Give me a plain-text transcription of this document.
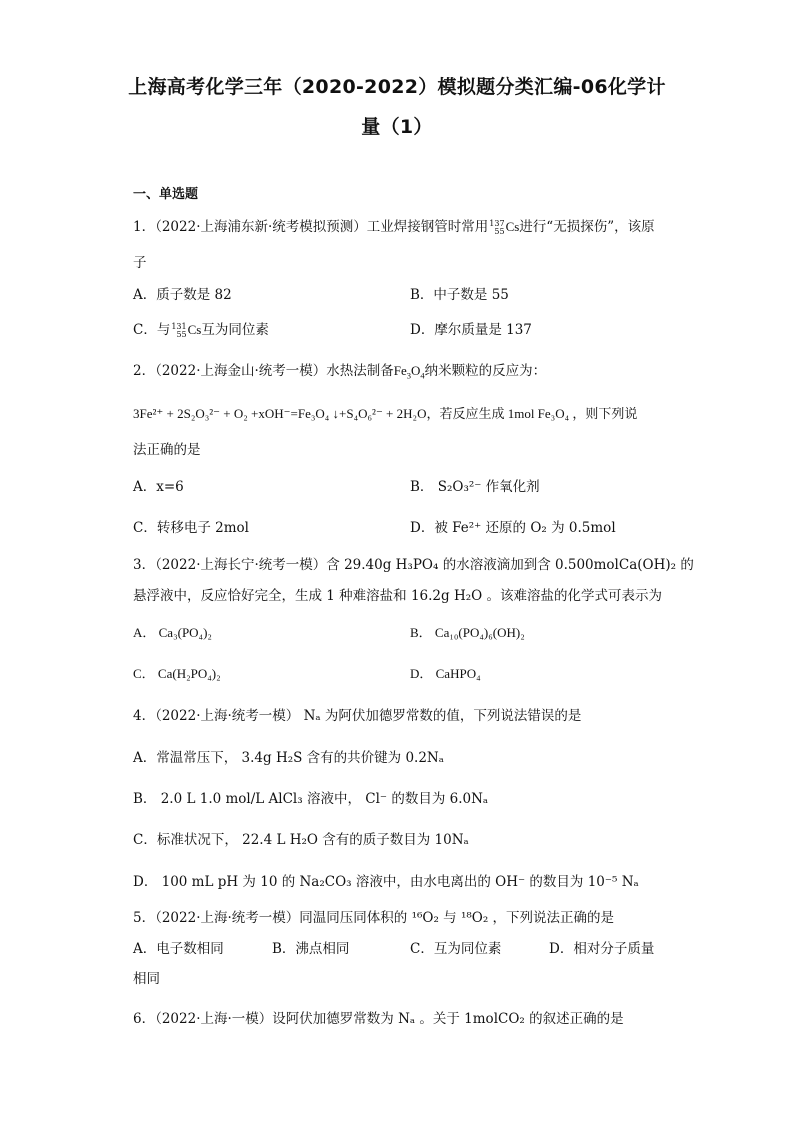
上海高考化学三年（2020-2022）模拟题分类汇编-06化学计
量（1）
一、单选题
1．（2022·上海浦东新·统考模拟预测）工业焊接钢管时常用 137
55 Cs进行“无损探伤”，该原
子
A．质子数是 82	B．中子数是 55
C．与 131
55 Cs互为同位素	D．摩尔质量是 137
2．（2022·上海金山·统考一模）水热法制备$Fe_3O_4$纳米颗粒的反应为：
3Fe²⁺ + 2S₂O₃²⁻ + O₂ +xOH⁻=Fe₃O₄ ↓+S₄O₆²⁻ + 2H₂O，若反应生成 1mol Fe₃O₄ ，则下列说
法正确的是
A．x=6	B． S₂O₃²⁻ 作氧化剂
C．转移电子 2mol	D．被 Fe²⁺ 还原的 O₂ 为 0.5mol
3．（2022·上海长宁·统考一模）含 29.40g H₃PO₄ 的水溶液滴加到含 0.500molCa(OH)₂ 的
悬浮液中，反应恰好完全，生成 1 种难溶盐和 16.2g H₂O 。该难溶盐的化学式可表示为
A． Ca₃(PO₄)₂	B． Ca₁₀(PO₄)₆(OH)₂
C． Ca(H₂PO₄)₂	D． CaHPO₄
4．（2022·上海·统考一模） Nₐ 为阿伏加德罗常数的值，下列说法错误的是
A．常温常压下， 3.4g H₂S 含有的共价键为 0.2Nₐ
B． 2.0 L 1.0 mol/L AlCl₃ 溶液中， Cl⁻ 的数目为 6.0Nₐ
C．标准状况下， 22.4 L H₂O 含有的质子数目为 10Nₐ
D． 100 mL pH 为 10 的 Na₂CO₃ 溶液中，由水电离出的 OH⁻ 的数目为 10⁻⁵ Nₐ
5．（2022·上海·统考一模）同温同压同体积的 ¹⁶O₂ 与 ¹⁸O₂ ，下列说法正确的是
A．电子数相同	B．沸点相同	C．互为同位素	D．相对分子质量
相同
6．（2022·上海·一模）设阿伏加德罗常数为 Nₐ 。关于 1molCO₂ 的叙述正确的是
